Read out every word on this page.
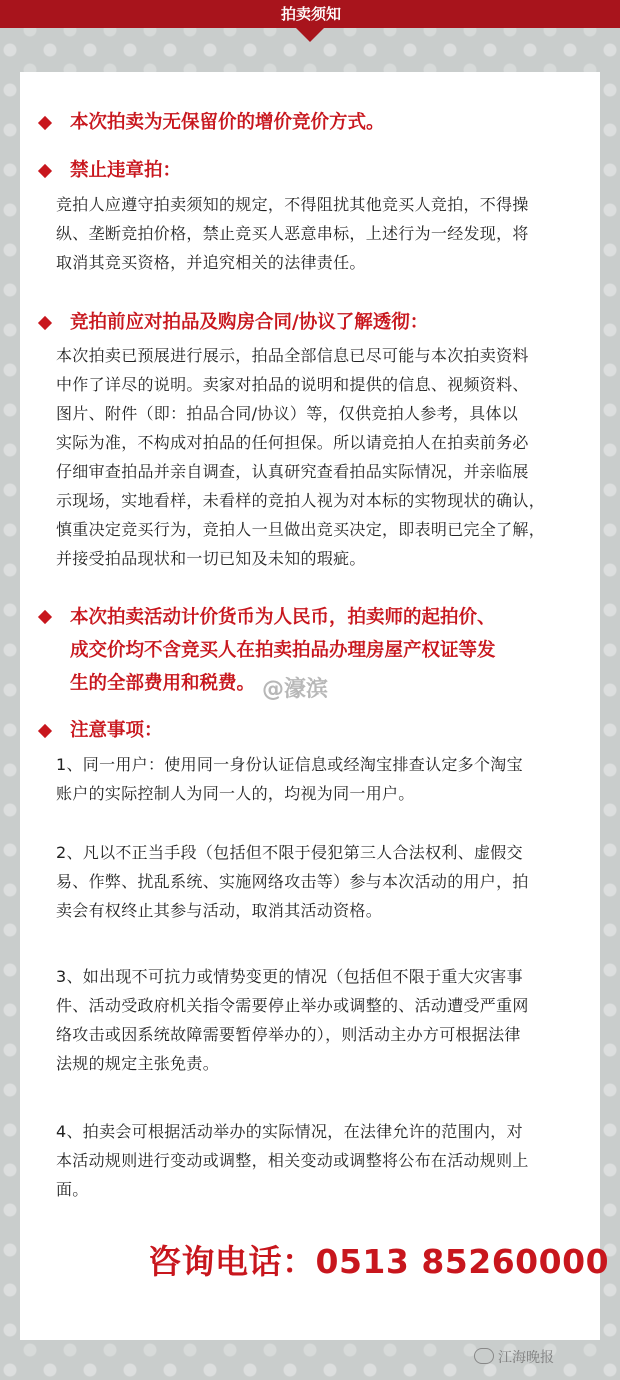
拍卖须知
本次拍卖为无保留价的增价竞价方式。
禁止违章拍：
竞拍人应遵守拍卖须知的规定，不得阻扰其他竞买人竞拍，不得操
纵、垄断竞拍价格，禁止竞买人恶意串标，上述行为一经发现，将
取消其竞买资格，并追究相关的法律责任。
竞拍前应对拍品及购房合同/协议了解透彻：
本次拍卖已预展进行展示，拍品全部信息已尽可能与本次拍卖资料
中作了详尽的说明。卖家对拍品的说明和提供的信息、视频资料、
图片、附件（即：拍品合同/协议）等，仅供竞拍人参考，具体以
实际为准，不构成对拍品的任何担保。所以请竞拍人在拍卖前务必
仔细审查拍品并亲自调查，认真研究查看拍品实际情况，并亲临展
示现场，实地看样，未看样的竞拍人视为对本标的实物现状的确认，
慎重决定竞买行为，竞拍人一旦做出竞买决定，即表明已完全了解，
并接受拍品现状和一切已知及未知的瑕疵。
本次拍卖活动计价货币为人民币，拍卖师的起拍价、
成交价均不含竞买人在拍卖拍品办理房屋产权证等发
生的全部费用和税费。 @濠滨
注意事项：
1、同一用户：使用同一身份认证信息或经淘宝排查认定多个淘宝
账户的实际控制人为同一人的，均视为同一用户。
2、凡以不正当手段（包括但不限于侵犯第三人合法权利、虚假交
易、作弊、扰乱系统、实施网络攻击等）参与本次活动的用户，拍
卖会有权终止其参与活动，取消其活动资格。
3、如出现不可抗力或情势变更的情况（包括但不限于重大灾害事
件、活动受政府机关指令需要停止举办或调整的、活动遭受严重网
络攻击或因系统故障需要暂停举办的），则活动主办方可根据法律
法规的规定主张免责。
4、拍卖会可根据活动举办的实际情况，在法律允许的范围内，对
本活动规则进行变动或调整，相关变动或调整将公布在活动规则上
面。
咨询电话：0513 85260000
江海晚报
